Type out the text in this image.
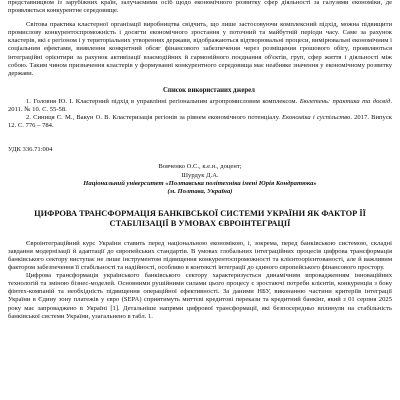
представницвом із зарубіжних країн, залучаємими осіб щодо економічного розвитку сфер діяльності за галузями економіки, де проявляється конкурентне середовище.

Світова практика кластерної організації виробництва свідчить, що лише застосовуючи комплексний підхід, можна підвищити промислову конкурентоспроможність і досягти економічного зростання у поточний та майбутній періоди часу. Саме за рахунок кластерів, які є регіоном і у територіальних утвореннях держави, відображаються відтворювальні процеси, вимірювальні економічним і соціальним ефектами, виявлення конкретний обсяг фінансового забезпечення через розміщення грошового обігу, проявляються інтеграційні орієнтири за рахунок активізації взаємодійних й гармонійного поєднання об'єктів, груп, сфер життя і діяльності між собою. Таким чином призначення кластерів у формуванні конкурентного середовища має неабияке значення у економічному розвитку держави.

Список використаних джерел

1. Головня Ю. І. Кластерний підхід в управлінні регіональним агропромисловим комплексом. Бюлетень: практика та досвід. 2011. № 10. С. 55-58.

2. Синиця С. М., Вакун О. В. Кластеризація регіонів за рівнем економічного потенціалу. Економіка і суспільство. 2017. Випуск 12. С. 776 – 784.

УДК 336.71:004

Вовченко О.С., к.е.н., доцент;
Шурдук Д.А.
Національний університет «Полтавська політехніка імені Юрія Кондратюка»
(м. Полтава, Україна)
ЦИФРОВА ТРАНСФОРМАЦІЯ БАНКІВСЬКОЇ СИСТЕМИ УКРАЇНИ ЯК ФАКТОР ЇЇ СТАБІЛІЗАЦІЇ В УМОВАХ ЄВРОІНТЕГРАЦІЇ

Євроінтеграційний курс України ставить перед національною економікою, і, зокрема, перед банківською системою, складні завдання модернізації й адаптації до європейських стандартів. В умовах глобальних інтеграційних процесів цифрова трансформація банківського сектору виступає не лише інструментом підвищення конкурентоспроможності та клієнтоорієнтованості, але й важливим фактором забезпечення її стабільності та надійності, особливо в контексті інтеграції до єдиного європейського фінансового простору.

Цифрова трансформація українського банківського сектору характеризується динамічним впровадженням інноваційних технологій та зміною бізнес-моделей. Основними рушійними силами цього процесу є зростаючі потреби клієнтів, конкуренція з боку фінтех-компаній та необхідність підвищення операційної ефективності. За даними НБУ, виконанню частини критеріїв інтеграції України в Єдину зону платежів у євро (SEPA) сприятимуть миттєві кредитові перекази та кредитний банкінг, який з 01 серпня 2025 року має запроваджено в Україні [1]. Детальніше напрями цифрової трансформації, які безпосередньо вплинули на стабільність банківської системи України, узагальнено в табл. 1.
